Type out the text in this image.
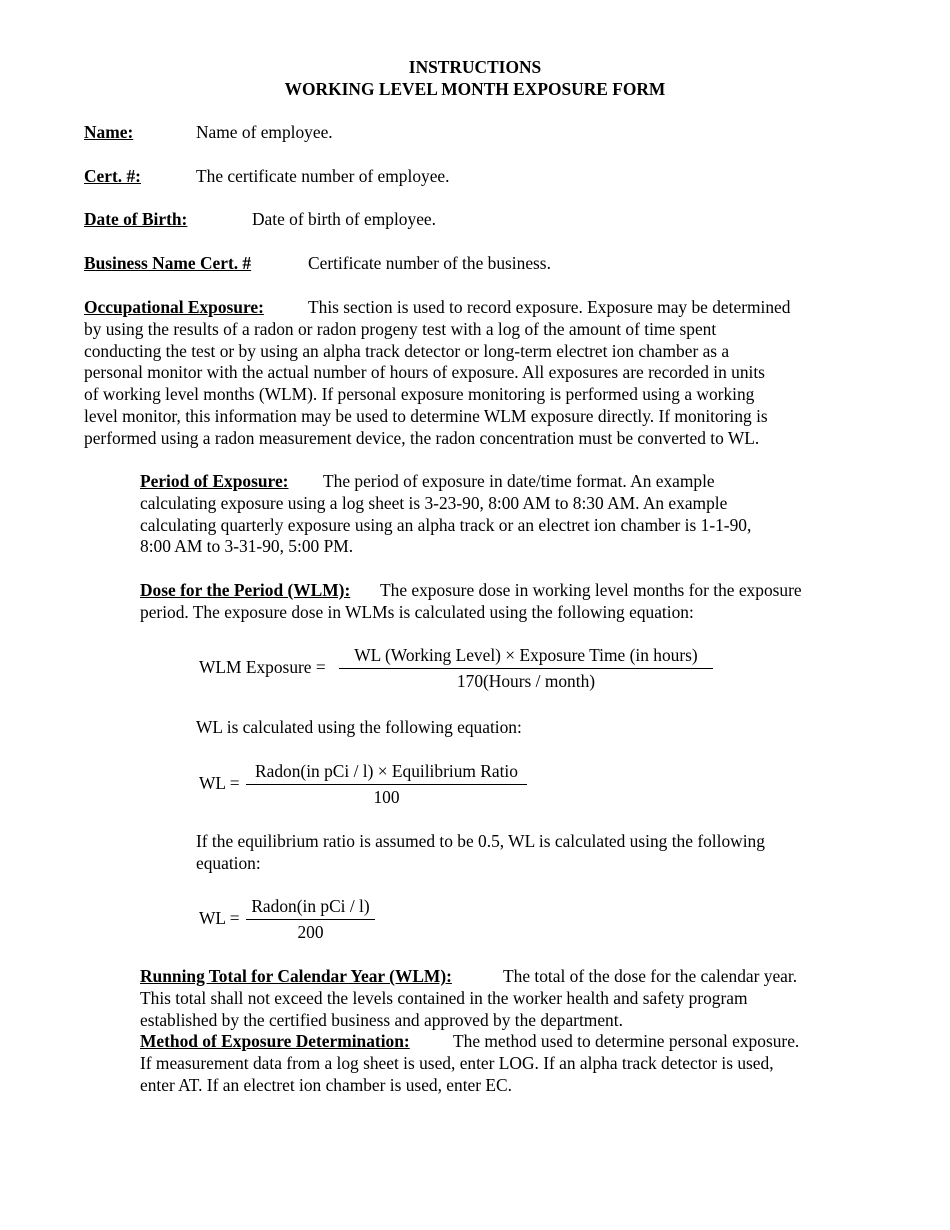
INSTRUCTIONS
WORKING LEVEL MONTH EXPOSURE FORM
Name:	Name of employee.
Cert. #:	The certificate number of employee.
Date of Birth:	Date of birth of employee.
Business Name Cert. #	Certificate number of the business.
Occupational Exposure:	This section is used to record exposure. Exposure may be determined
by using the results of a radon or radon progeny test with a log of the amount of time spent
conducting the test or by using an alpha track detector or long-term electret ion chamber as a
personal monitor with the actual number of hours of exposure. All exposures are recorded in units
of working level months (WLM). If personal exposure monitoring is performed using a working
level monitor, this information may be used to determine WLM exposure directly. If monitoring is
performed using a radon measurement device, the radon concentration must be converted to WL.
Period of Exposure: The period of exposure in date/time format. An example
calculating exposure using a log sheet is 3-23-90, 8:00 AM to 8:30 AM. An example
calculating quarterly exposure using an alpha track or an electret ion chamber is 1-1-90,
8:00 AM to 3-31-90, 5:00 PM.
Dose for the Period (WLM): The exposure dose in working level months for the exposure
period. The exposure dose in WLMs is calculated using the following equation:
WLM Exposure =
WL (Working Level) × Exposure Time (in hours)
170(Hours / month)
WL is calculated using the following equation:
WL =
Radon(in pCi / l) × Equilibrium Ratio
100
If the equilibrium ratio is assumed to be 0.5, WL is calculated using the following
equation:
WL =
Radon(in pCi / l)
200
Running Total for Calendar Year (WLM):	The total of the dose for the calendar year.
This total shall not exceed the levels contained in the worker health and safety program
established by the certified business and approved by the department.
Method of Exposure Determination: The method used to determine personal exposure.
If measurement data from a log sheet is used, enter LOG. If an alpha track detector is used,
enter AT. If an electret ion chamber is used, enter EC.
